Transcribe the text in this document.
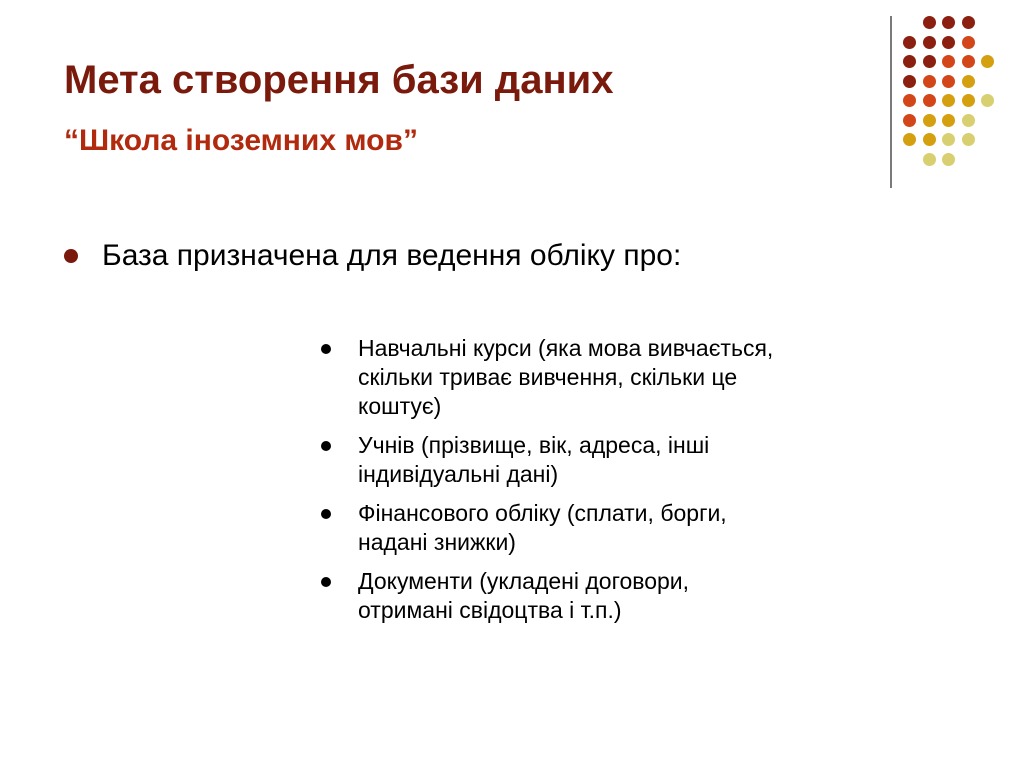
Мета створення бази даних
“Школа іноземних мов”
База призначена для ведення обліку про:
Навчальні курси (яка мова вивчається, скільки триває вивчення, скільки це коштує)
Учнів (прізвище, вік, адреса, інші індивідуальні дані)
Фінансового обліку (сплати, борги, надані знижки)
Документи (укладені договори, отримані свідоцтва і т.п.)
